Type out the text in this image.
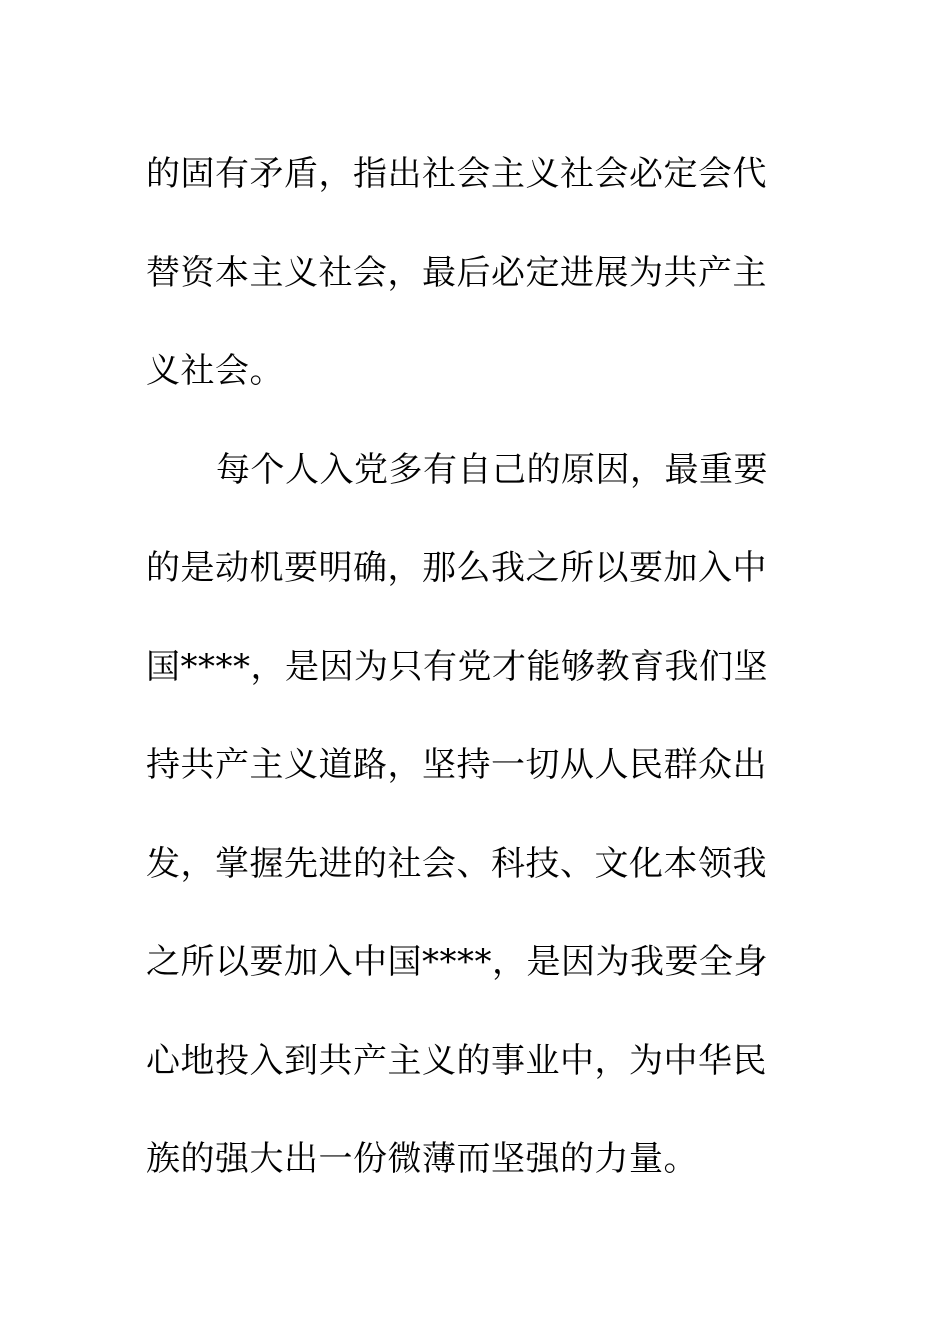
的固有矛盾，指出社会主义社会必定会代
替资本主义社会，最后必定进展为共产主
义社会。
每个人入党多有自己的原因，最重要
的是动机要明确，那么我之所以要加入中
国****，是因为只有党才能够教育我们坚
持共产主义道路，坚持一切从人民群众出
发，掌握先进的社会、科技、文化本领我
之所以要加入中国****，是因为我要全身
心地投入到共产主义的事业中，为中华民
族的强大出一份微薄而坚强的力量。
